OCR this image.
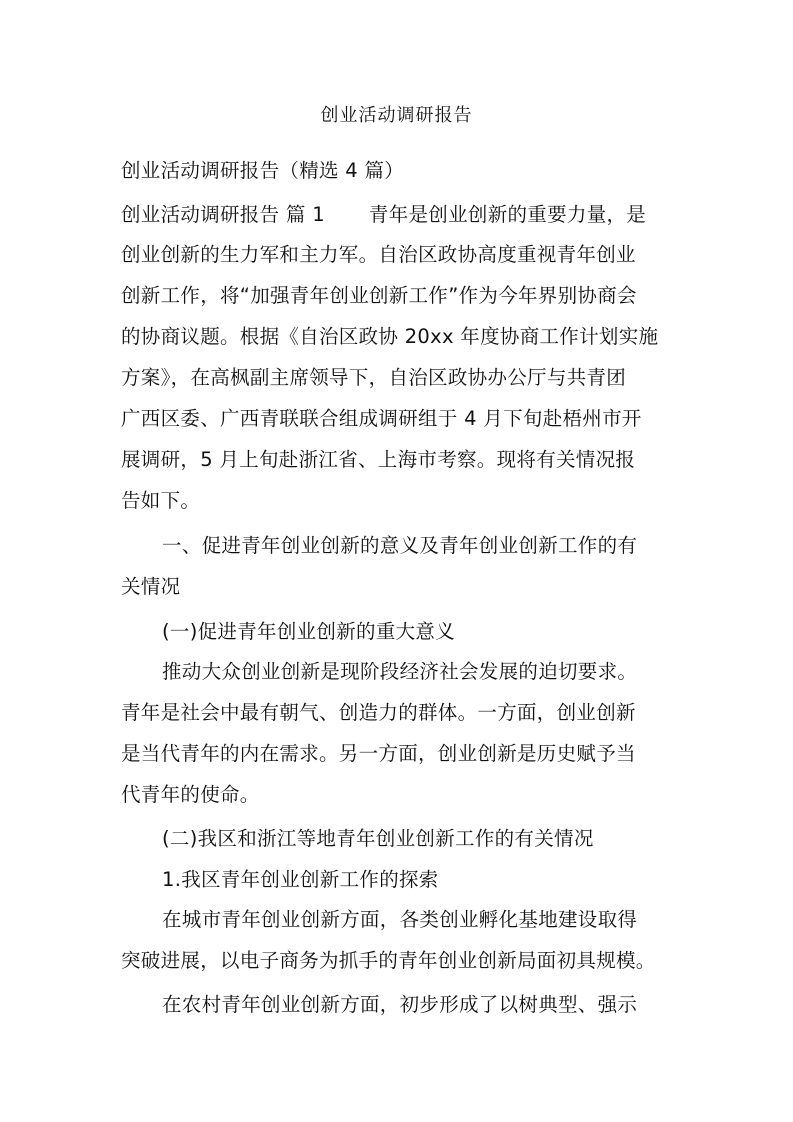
创业活动调研报告
创业活动调研报告（精选 4 篇）
创业活动调研报告 篇 1 青年是创业创新的重要力量，是
创业创新的生力军和主力军。自治区政协高度重视青年创业
创新工作，将“加强青年创业创新工作”作为今年界别协商会
的协商议题。根据《自治区政协 20xx 年度协商工作计划实施
方案》，在高枫副主席领导下，自治区政协办公厅与共青团
广西区委、广西青联联合组成调研组于 4 月下旬赴梧州市开
展调研，5 月上旬赴浙江省、上海市考察。现将有关情况报
告如下。
一、促进青年创业创新的意义及青年创业创新工作的有
关情况
(一)促进青年创业创新的重大意义
推动大众创业创新是现阶段经济社会发展的迫切要求。
青年是社会中最有朝气、创造力的群体。一方面，创业创新
是当代青年的内在需求。另一方面，创业创新是历史赋予当
代青年的使命。
(二)我区和浙江等地青年创业创新工作的有关情况
1.我区青年创业创新工作的探索
在城市青年创业创新方面，各类创业孵化基地建设取得
突破进展，以电子商务为抓手的青年创业创新局面初具规模。
在农村青年创业创新方面，初步形成了以树典型、强示
